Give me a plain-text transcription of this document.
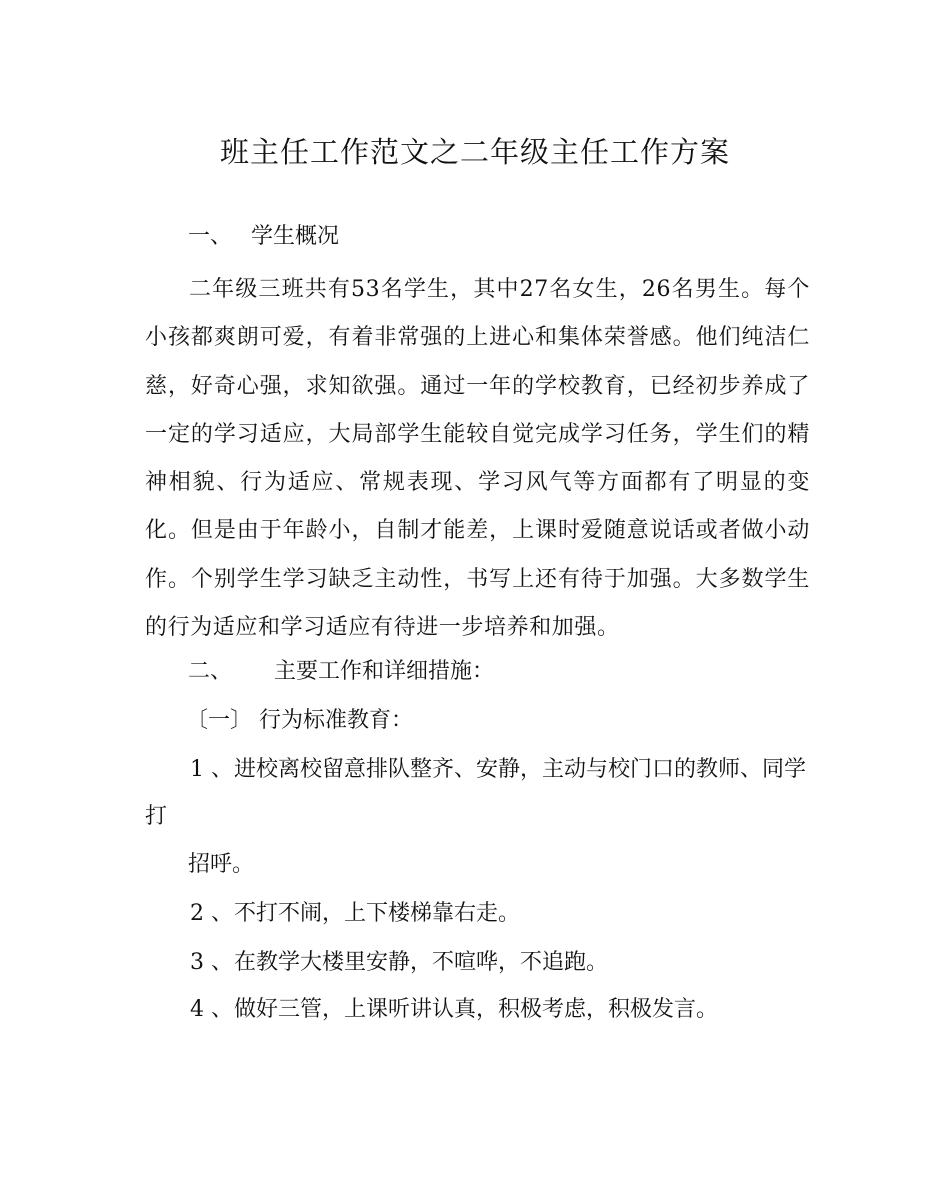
班主任工作范文之二年级主任工作方案
一、 学生概况

二年级三班共有53名学生，其中27名女生，26名男生。每个小孩都爽朗可爱，有着非常强的上进心和集体荣誉感。他们纯洁仁慈，好奇心强，求知欲强。通过一年的学校教育，已经初步养成了一定的学习适应，大局部学生能较自觉完成学习任务，学生们的精神相貌、行为适应、常规表现、学习风气等方面都有了明显的变化。但是由于年龄小，自制才能差，上课时爱随意说话或者做小动作。个别学生学习缺乏主动性，书写上还有待于加强。大多数学生的行为适应和学习适应有待进一步培养和加强。

二、 主要工作和详细措施：
〔一〕 行为标准教育：
1 、进校离校留意排队整齐、安静，主动与校门口的教师、同学
打
招呼。
2 、不打不闹，上下楼梯靠右走。
3 、在教学大楼里安静，不喧哗，不追跑。
4 、做好三管，上课听讲认真，积极考虑，积极发言。
